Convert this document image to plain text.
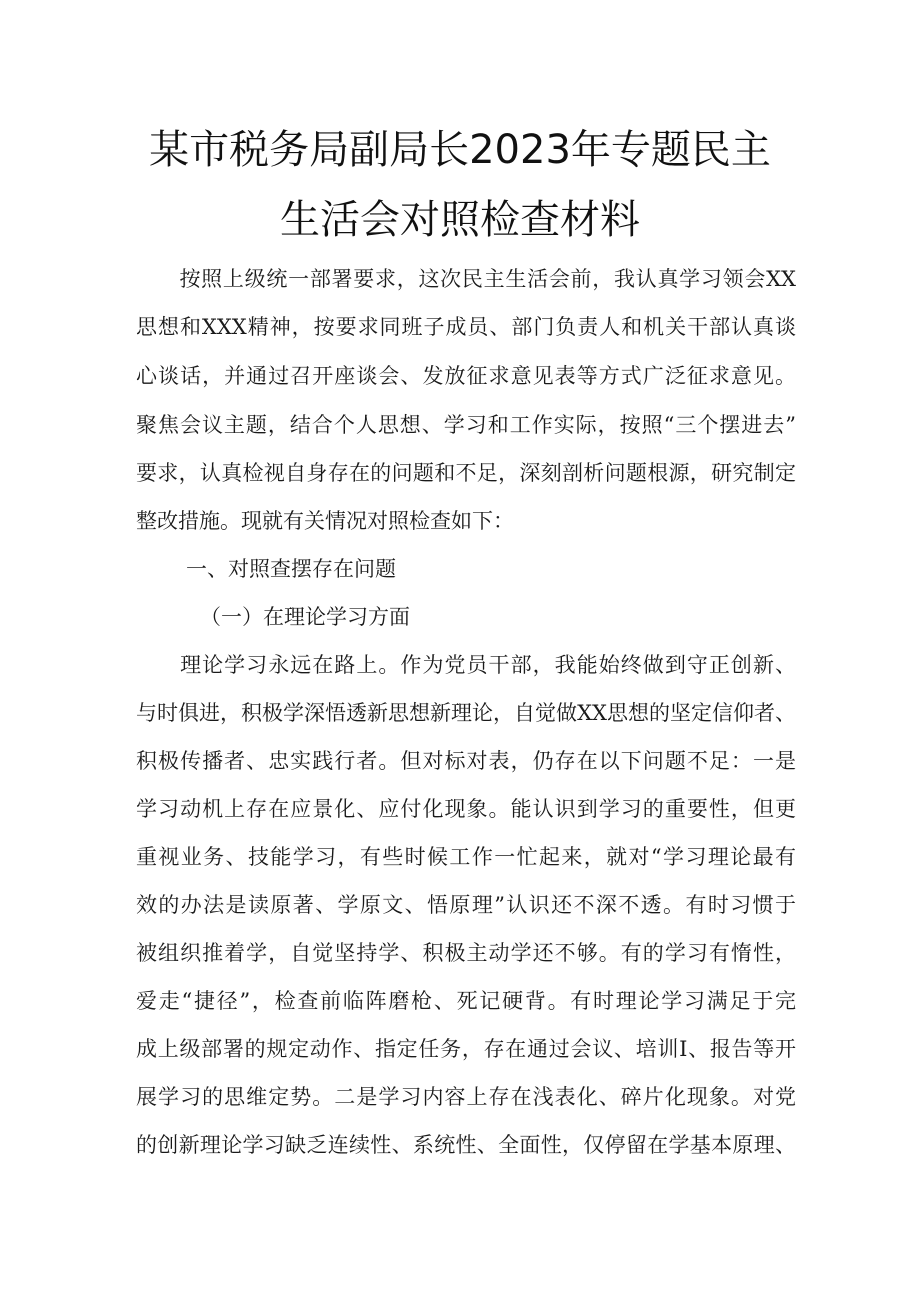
某市税务局副局长2023年专题民主
生活会对照检查材料
　　按照上级统一部署要求，这次民主生活会前，我认真学习领会XX
思想和XXX精神，按要求同班子成员、部门负责人和机关干部认真谈
心谈话，并通过召开座谈会、发放征求意见表等方式广泛征求意见。
聚焦会议主题，结合个人思想、学习和工作实际，按照“三个摆进去”
要求，认真检视自身存在的问题和不足，深刻剖析问题根源，研究制定
整改措施。现就有关情况对照检查如下：
一、对照查摆存在问题
（一）在理论学习方面
　　理论学习永远在路上。作为党员干部，我能始终做到守正创新、
与时俱进，积极学深悟透新思想新理论，自觉做XX思想的坚定信仰者、
积极传播者、忠实践行者。但对标对表，仍存在以下问题不足：一是
学习动机上存在应景化、应付化现象。能认识到学习的重要性，但更
重视业务、技能学习，有些时候工作一忙起来，就对“学习理论最有
效的办法是读原著、学原文、悟原理”认识还不深不透。有时习惯于
被组织推着学，自觉坚持学、积极主动学还不够。有的学习有惰性，
爱走“捷径”，检查前临阵磨枪、死记硬背。有时理论学习满足于完
成上级部署的规定动作、指定任务，存在通过会议、培训I、报告等开
展学习的思维定势。二是学习内容上存在浅表化、碎片化现象。对党
的创新理论学习缺乏连续性、系统性、全面性，仅停留在学基本原理、
